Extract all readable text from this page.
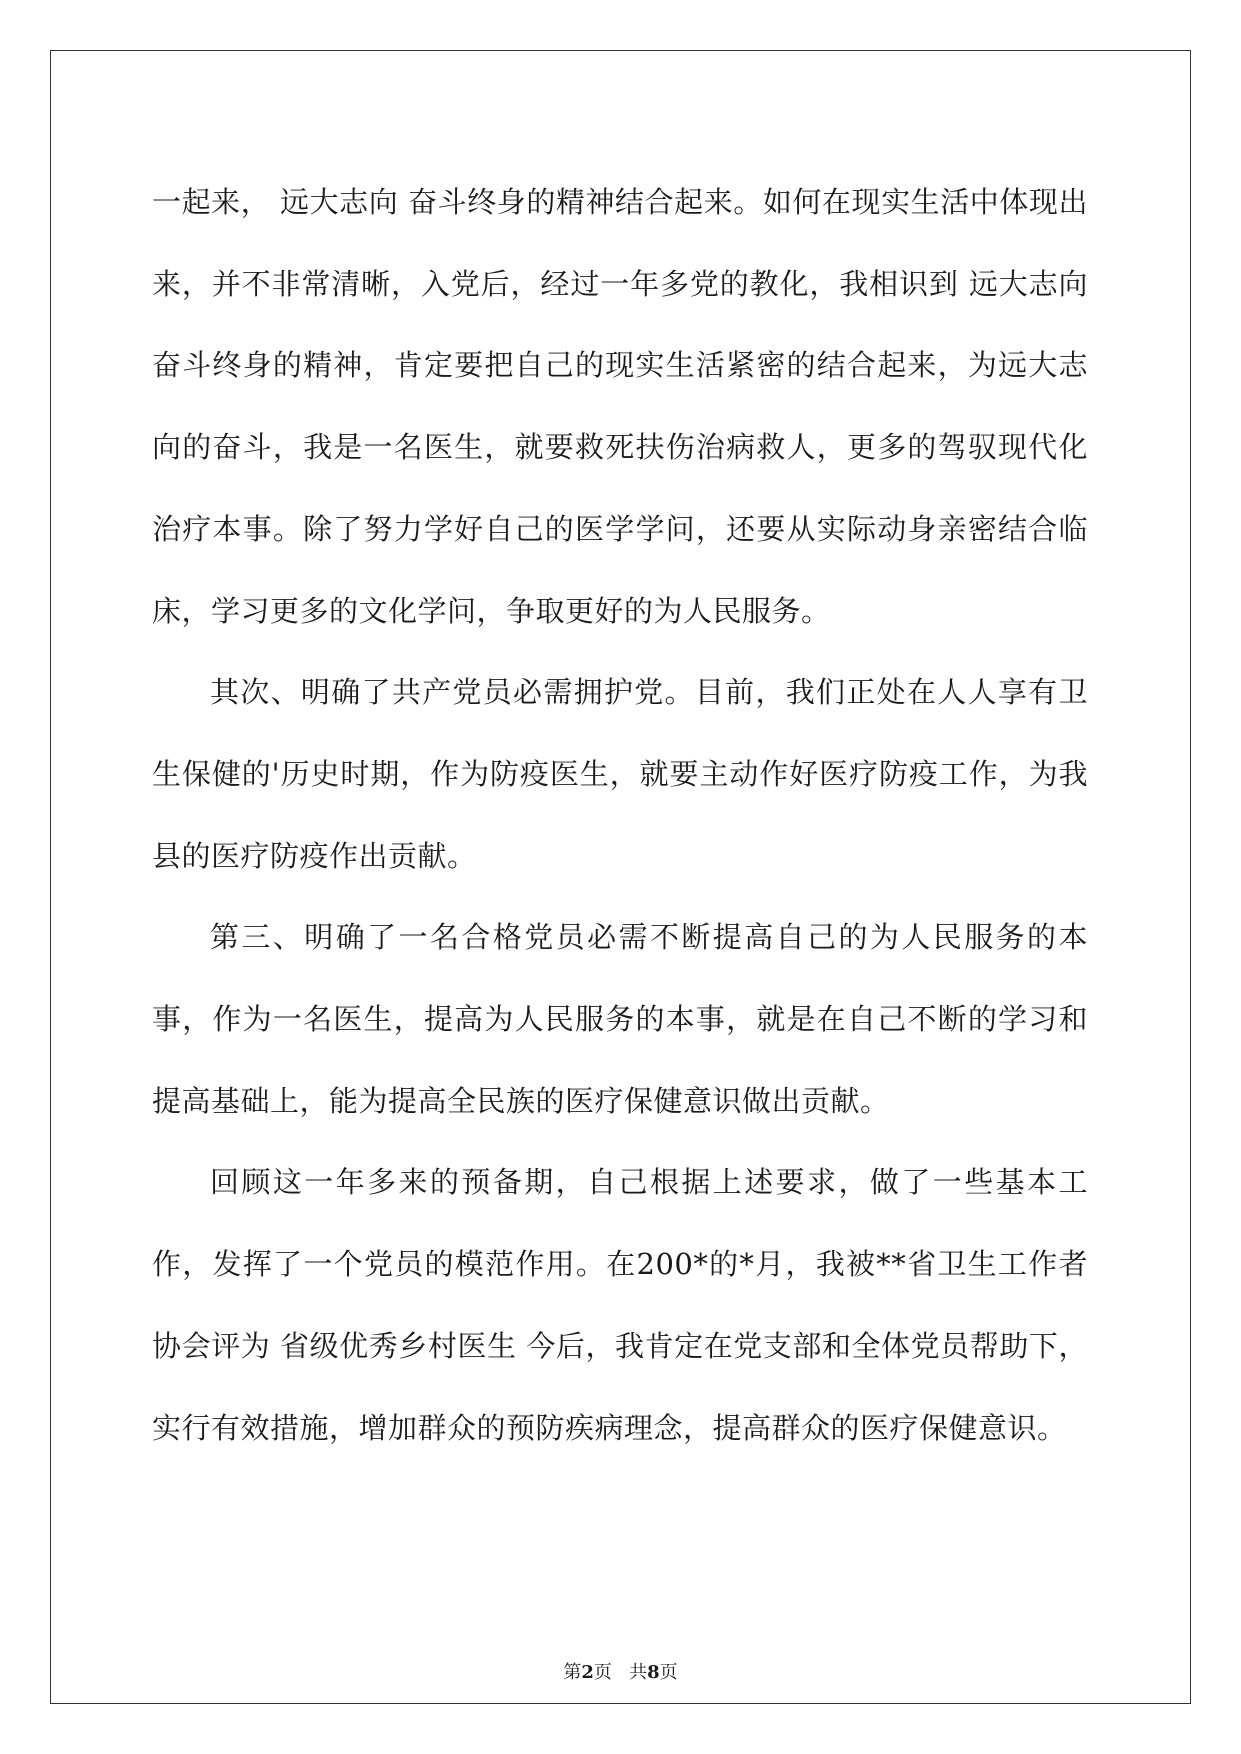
一起来， 远大志向 奋斗终身的精神结合起来。如何在现实生活中体现出来，并不非常清晰，入党后，经过一年多党的教化，我相识到 远大志向 奋斗终身的精神，肯定要把自己的现实生活紧密的结合起来，为远大志向的奋斗，我是一名医生，就要救死扶伤治病救人，更多的驾驭现代化治疗本事。除了努力学好自己的医学学问，还要从实际动身亲密结合临床，学习更多的文化学问，争取更好的为人民服务。

其次、明确了共产党员必需拥护党。目前，我们正处在人人享有卫生保健的'历史时期，作为防疫医生，就要主动作好医疗防疫工作，为我县的医疗防疫作出贡献。

第三、明确了一名合格党员必需不断提高自己的为人民服务的本事，作为一名医生，提高为人民服务的本事，就是在自己不断的学习和提高基础上，能为提高全民族的医疗保健意识做出贡献。

回顾这一年多来的预备期，自己根据上述要求，做了一些基本工作，发挥了一个党员的模范作用。在200*的*月，我被**省卫生工作者协会评为 省级优秀乡村医生 今后，我肯定在党支部和全体党员帮助下，实行有效措施，增加群众的预防疾病理念，提高群众的医疗保健意识。

第2页 共8页
